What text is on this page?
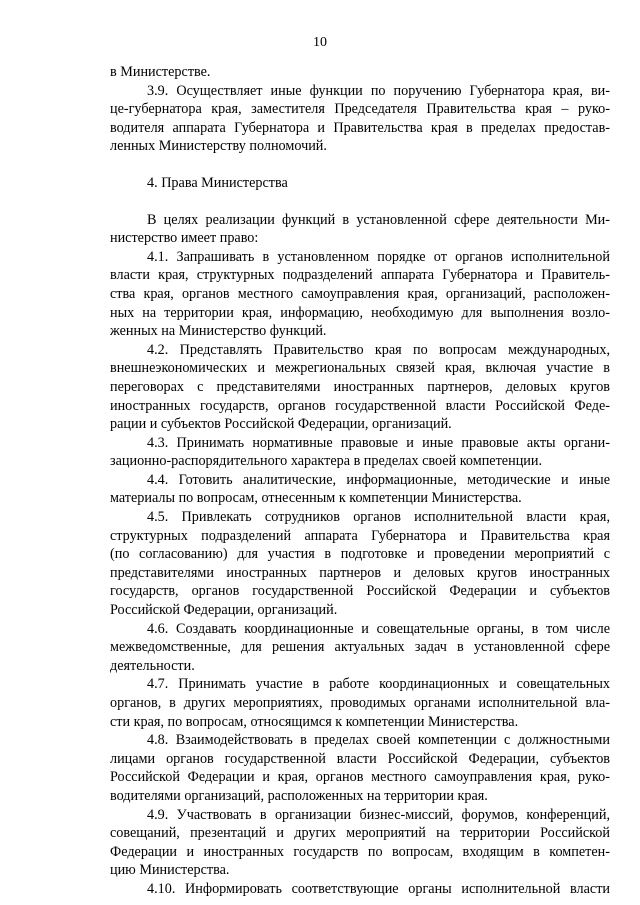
10
в Министерстве.
3.9. Осуществляет иные функции по поручению Губернатора края, ви-
це-губернатора края, заместителя Председателя Правительства края – руко-
водителя аппарата Губернатора и Правительства края в пределах предостав-
ленных Министерству полномочий.
4. Права Министерства
В целях реализации функций в установленной сфере деятельности Ми-
нистерство имеет право:
4.1. Запрашивать в установленном порядке от органов исполнительной
власти края, структурных подразделений аппарата Губернатора и Правитель-
ства края, органов местного самоуправления края, организаций, расположен-
ных на территории края, информацию, необходимую для выполнения возло-
женных на Министерство функций.
4.2. Представлять Правительство края по вопросам международных,
внешнеэкономических и межрегиональных связей края, включая участие в
переговорах с представителями иностранных партнеров, деловых кругов
иностранных государств, органов государственной власти Российской Феде-
рации и субъектов Российской Федерации, организаций.
4.3. Принимать нормативные правовые и иные правовые акты органи-
зационно-распорядительного характера в пределах своей компетенции.
4.4. Готовить аналитические, информационные, методические и иные
материалы по вопросам, отнесенным к компетенции Министерства.
4.5. Привлекать сотрудников органов исполнительной власти края,
структурных подразделений аппарата Губернатора и Правительства края
(по согласованию) для участия в подготовке и проведении мероприятий с
представителями иностранных партнеров и деловых кругов иностранных
государств, органов государственной Российской Федерации и субъектов
Российской Федерации, организаций.
4.6. Создавать координационные и совещательные органы, в том числе
межведомственные, для решения актуальных задач в установленной сфере
деятельности.
4.7. Принимать участие в работе координационных и совещательных
органов, в других мероприятиях, проводимых органами исполнительной вла-
сти края, по вопросам, относящимся к компетенции Министерства.
4.8. Взаимодействовать в пределах своей компетенции с должностными
лицами органов государственной власти Российской Федерации, субъектов
Российской Федерации и края, органов местного самоуправления края, руко-
водителями организаций, расположенных на территории края.
4.9. Участвовать в организации бизнес-миссий, форумов, конференций,
совещаний, презентаций и других мероприятий на территории Российской
Федерации и иностранных государств по вопросам, входящим в компетен-
цию Министерства.
4.10. Информировать соответствующие органы исполнительной власти
